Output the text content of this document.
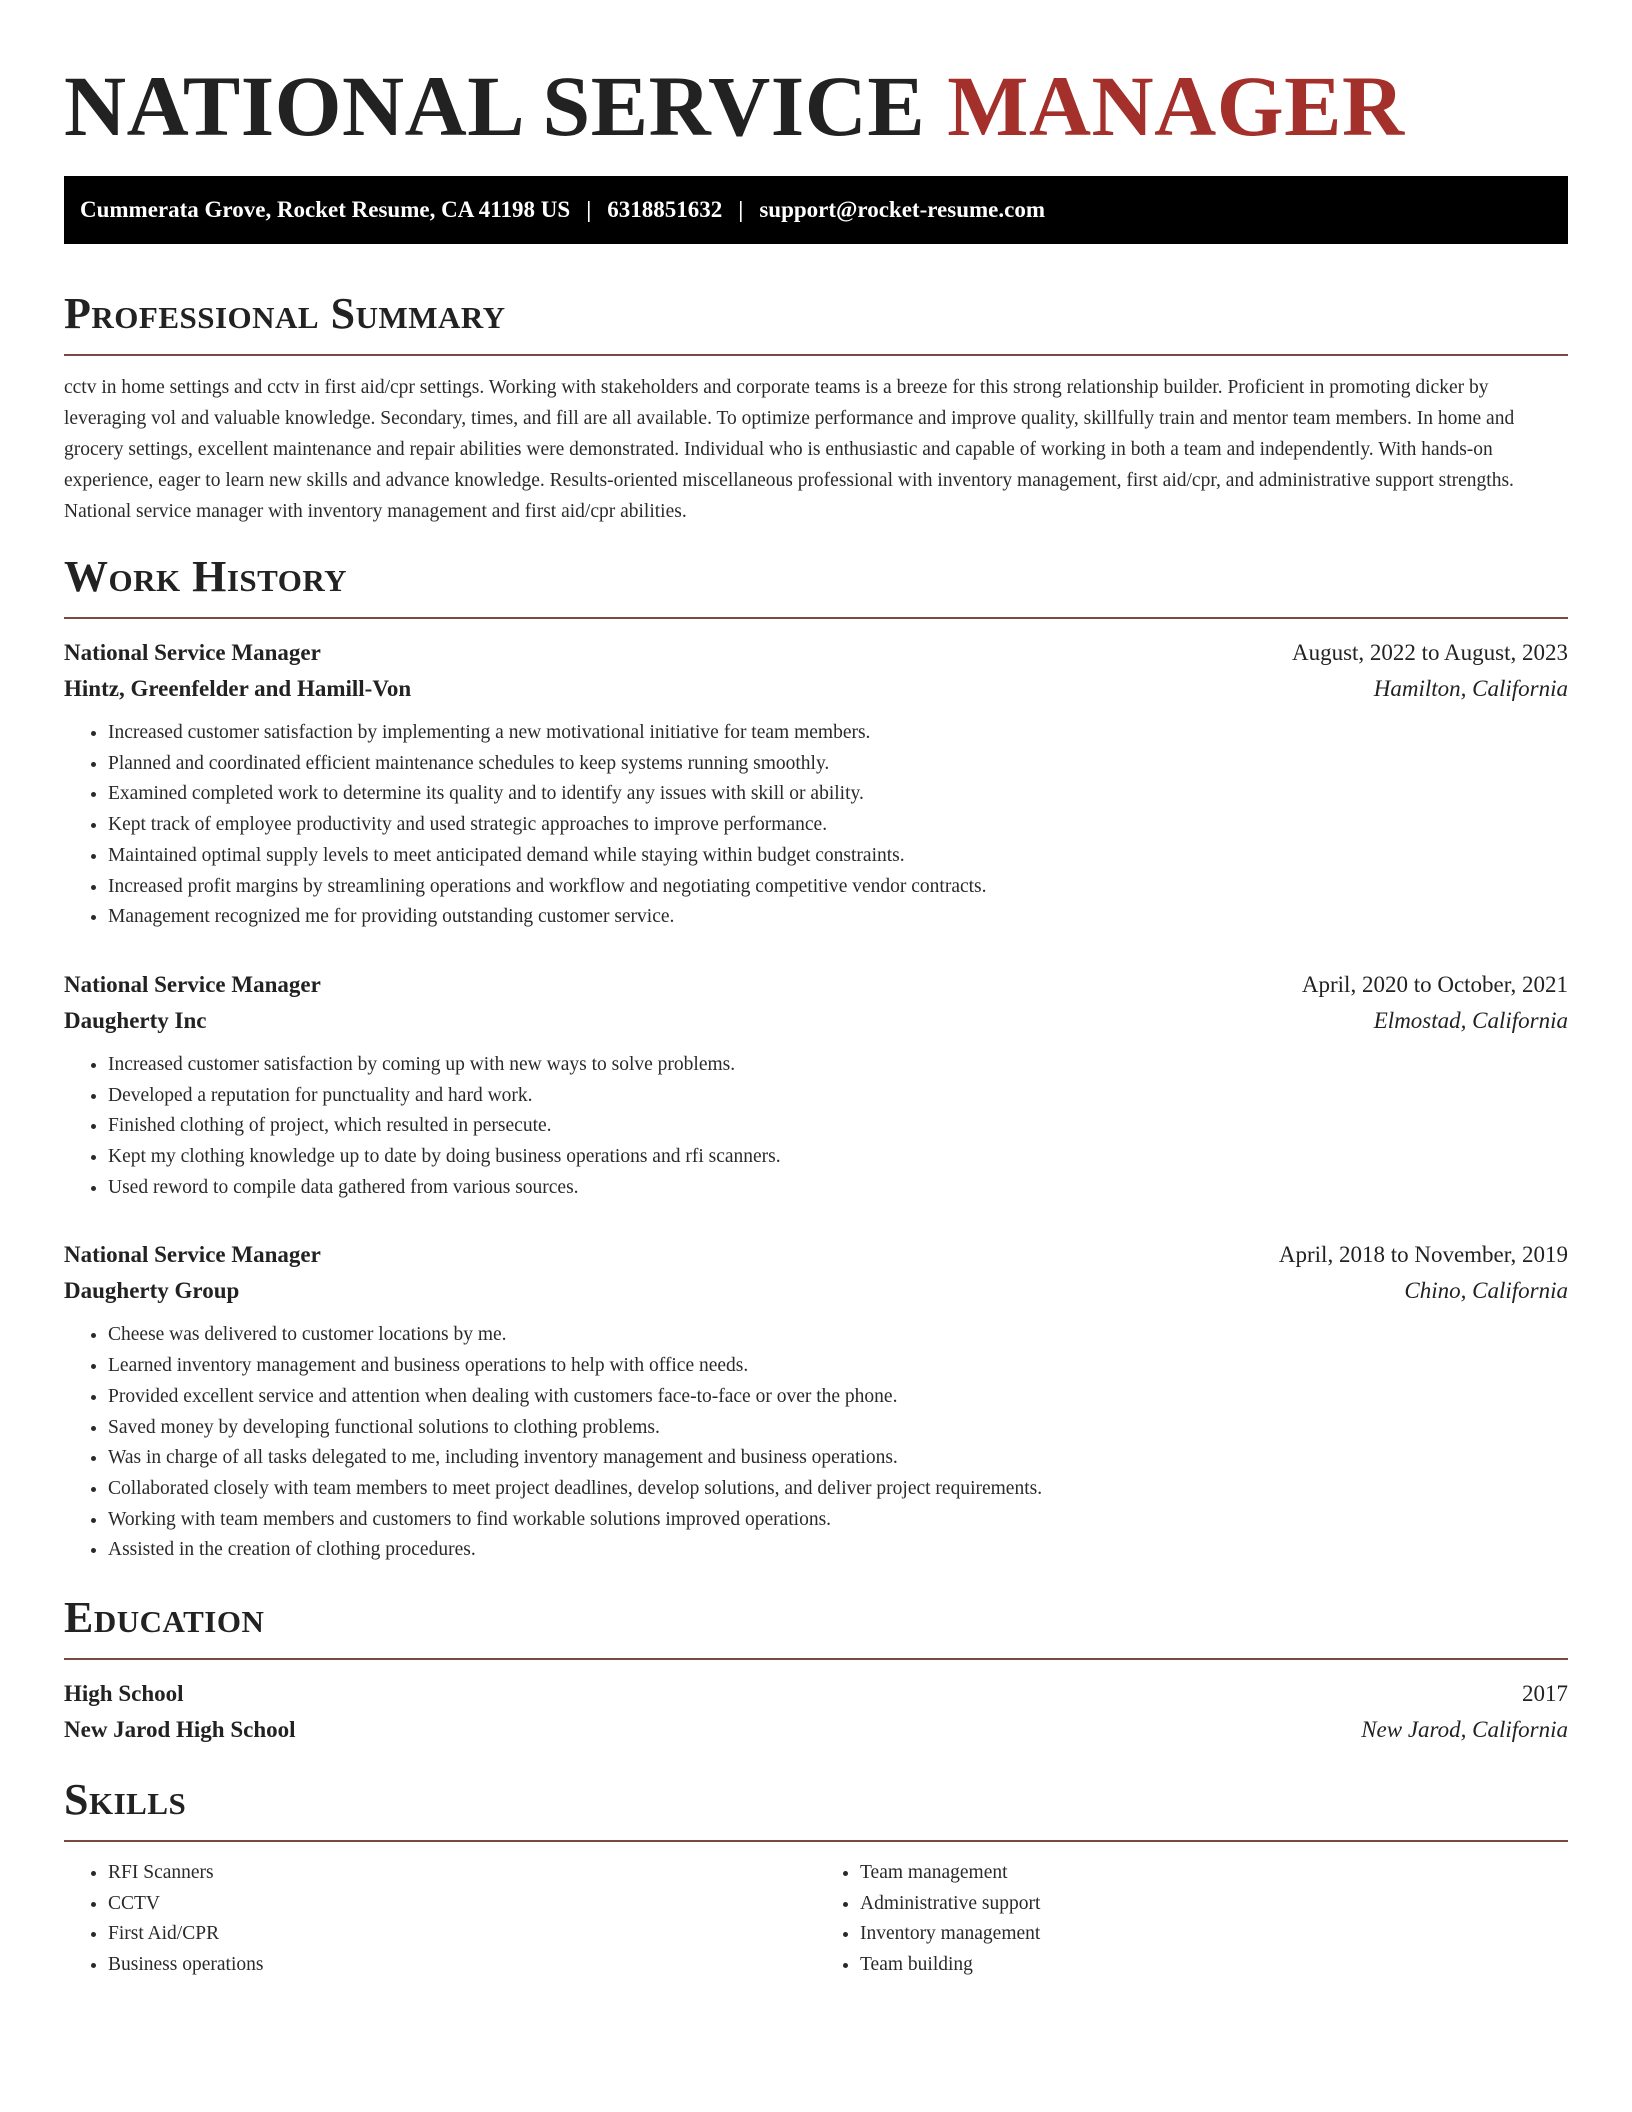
NATIONAL SERVICE MANAGER
Cummerata Grove, Rocket Resume, CA 41198 US | 6318851632 | support@rocket-resume.com
Professional Summary

cctv in home settings and cctv in first aid/cpr settings. Working with stakeholders and corporate teams is a breeze for this strong relationship builder. Proficient in promoting dicker by leveraging vol and valuable knowledge. Secondary, times, and fill are all available. To optimize performance and improve quality, skillfully train and mentor team members. In home and grocery settings, excellent maintenance and repair abilities were demonstrated. Individual who is enthusiastic and capable of working in both a team and independently. With hands-on experience, eager to learn new skills and advance knowledge. Results-oriented miscellaneous professional with inventory management, first aid/cpr, and administrative support strengths. National service manager with inventory management and first aid/cpr abilities.

Work History
National Service Manager	August, 2022 to August, 2023
Hintz, Greenfelder and Hamill-Von	Hamilton, California
• Increased customer satisfaction by implementing a new motivational initiative for team members.
• Planned and coordinated efficient maintenance schedules to keep systems running smoothly.
• Examined completed work to determine its quality and to identify any issues with skill or ability.
• Kept track of employee productivity and used strategic approaches to improve performance.
• Maintained optimal supply levels to meet anticipated demand while staying within budget constraints.
• Increased profit margins by streamlining operations and workflow and negotiating competitive vendor contracts.
• Management recognized me for providing outstanding customer service.
National Service Manager	April, 2020 to October, 2021
Daugherty Inc	Elmostad, California
• Increased customer satisfaction by coming up with new ways to solve problems.
• Developed a reputation for punctuality and hard work.
• Finished clothing of project, which resulted in persecute.
• Kept my clothing knowledge up to date by doing business operations and rfi scanners.
• Used reword to compile data gathered from various sources.
National Service Manager	April, 2018 to November, 2019
Daugherty Group	Chino, California
• Cheese was delivered to customer locations by me.
• Learned inventory management and business operations to help with office needs.
• Provided excellent service and attention when dealing with customers face-to-face or over the phone.
• Saved money by developing functional solutions to clothing problems.
• Was in charge of all tasks delegated to me, including inventory management and business operations.
• Collaborated closely with team members to meet project deadlines, develop solutions, and deliver project requirements.
• Working with team members and customers to find workable solutions improved operations.
• Assisted in the creation of clothing procedures.
Education
High School	2017
New Jarod High School	New Jarod, California
Skills
• RFI Scanners
• CCTV
• First Aid/CPR
• Business operations
• Team management
• Administrative support
• Inventory management
• Team building
